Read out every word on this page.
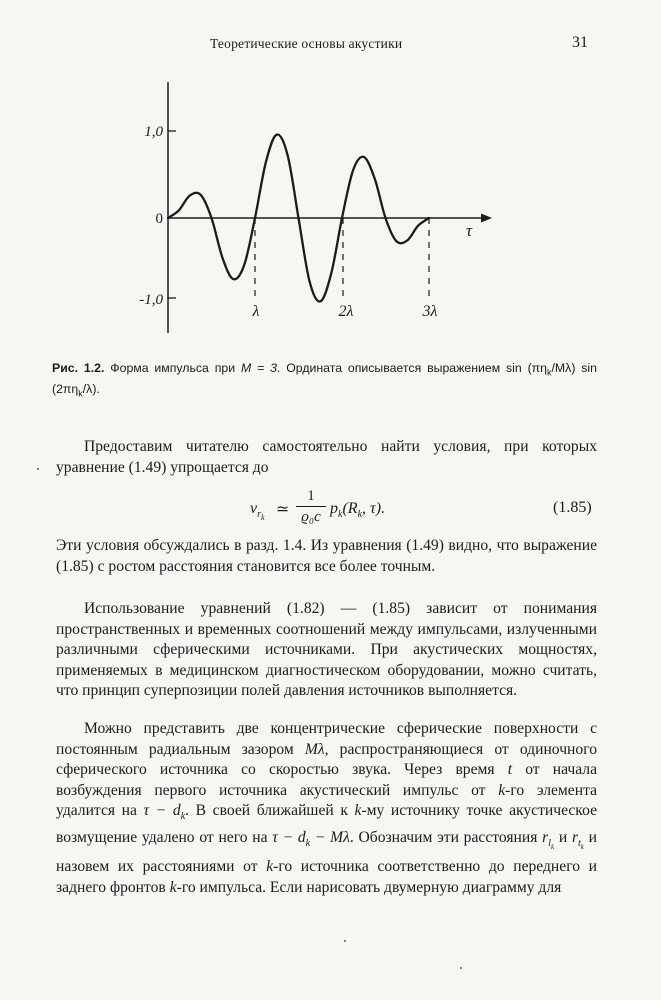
Теоретические основы акустики	31
1,0
0
-1,0
τ
λ	2λ	3λ
Рис. 1.2. Форма импульса при M = 3. Ордината описывается выражением $\sin (\pi\eta_k/M\lambda)$ $\sin (2\pi\eta_k/\lambda)$.

Предоставим читателю самостоятельно найти условия, при которых уравнение (1.49) упрощается до

$v_{r_k}$ ≃
1
ϱ₀c $p_k(R_k$, τ).	(1.85)

Эти условия обсуждались в разд. 1.4. Из уравнения (1.49) видно, что выражение (1.85) с ростом расстояния становится все более точным.

Использование уравнений (1.82) — (1.85) зависит от понимания пространственных и временных соотношений между импульсами, излученными различными сферическими источниками. При акустических мощностях, применяемых в медицинском диагностическом оборудовании, можно считать, что принцип суперпозиции полей давления источников выполняется.

Можно представить две концентрические сферические поверхности с постоянным радиальным зазором Mλ, распространяющиеся от одиночного сферического источника со скоростью звука. Через время t от начала возбуждения первого источника акустический импульс от k-го элемента удалится на $\tau - d_k$. В своей ближайшей к k-му источнику точке акустическое возмущение удалено от него на $\tau - d_k - M\lambda$. Обозначим эти расстояния $r_{l_k}$ и $r_{t_k}$ и назовем их расстояниями от k-го источника соответственно до переднего и заднего фронтов k-го импульса. Если нарисовать двумерную диаграмму для
